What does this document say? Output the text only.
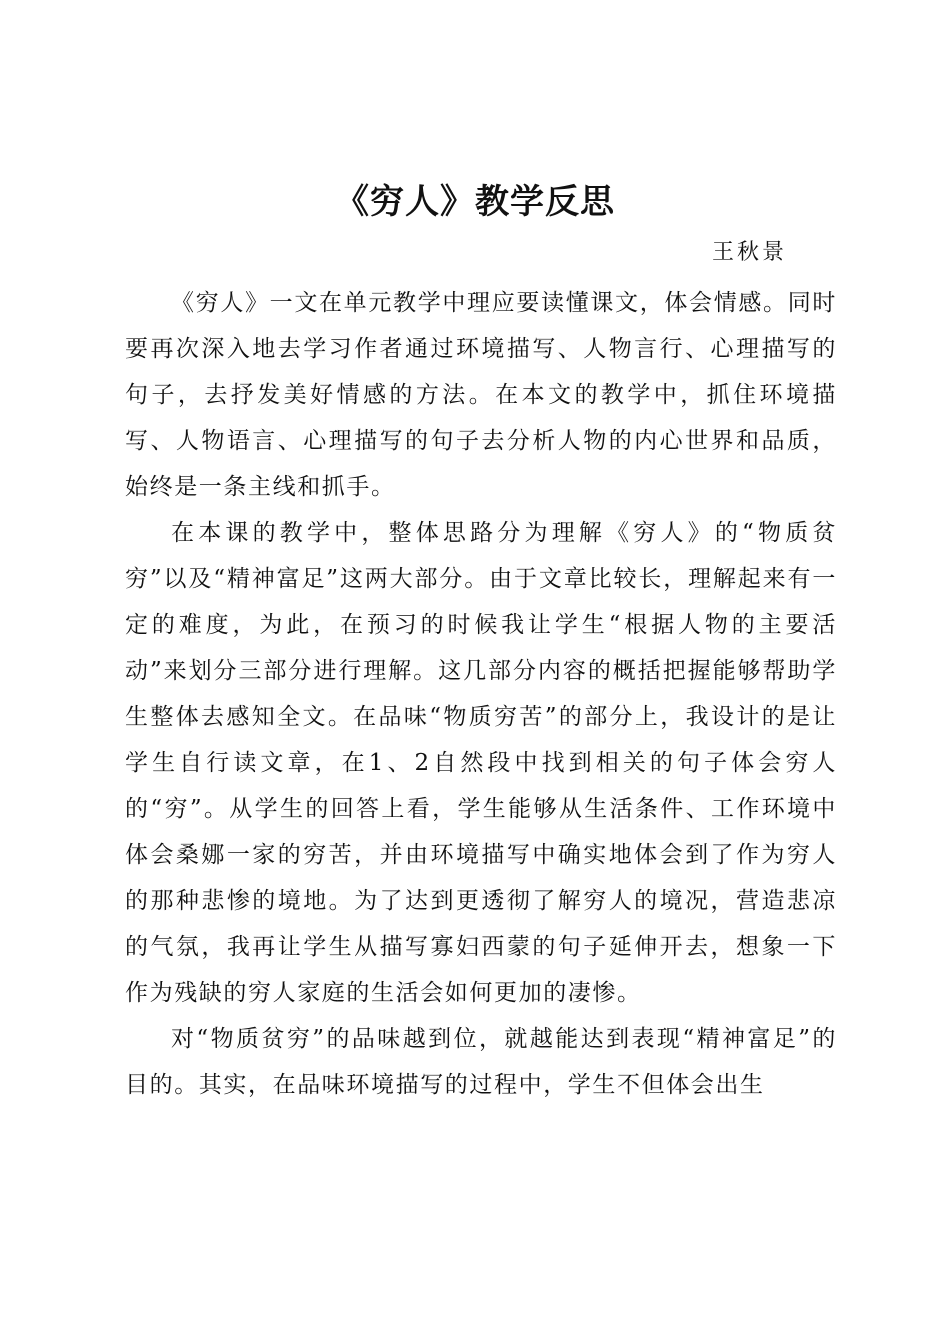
《穷人》教学反思
王秋景

《穷人》一文在单元教学中理应要读懂课文，体会情感。同时要再次深入地去学习作者通过环境描写、人物言行、心理描写的句子，去抒发美好情感的方法。在本文的教学中，抓住环境描写、人物语言、心理描写的句子去分析人物的内心世界和品质，始终是一条主线和抓手。

在本课的教学中，整体思路分为理解《穷人》的“物质贫穷”以及“精神富足”这两大部分。由于文章比较长，理解起来有一定的难度，为此，在预习的时候我让学生“根据人物的主要活动”来划分三部分进行理解。这几部分内容的概括把握能够帮助学生整体去感知全文。在品味“物质穷苦”的部分上，我设计的是让学生自行读文章，在1、2自然段中找到相关的句子体会穷人的“穷”。从学生的回答上看，学生能够从生活条件、工作环境中体会桑娜一家的穷苦，并由环境描写中确实地体会到了作为穷人的那种悲惨的境地。为了达到更透彻了解穷人的境况，营造悲凉的气氛，我再让学生从描写寡妇西蒙的句子延伸开去，想象一下作为残缺的穷人家庭的生活会如何更加的凄惨。

对“物质贫穷”的品味越到位，就越能达到表现“精神富足”的目的。其实，在品味环境描写的过程中，学生不但体会出生
